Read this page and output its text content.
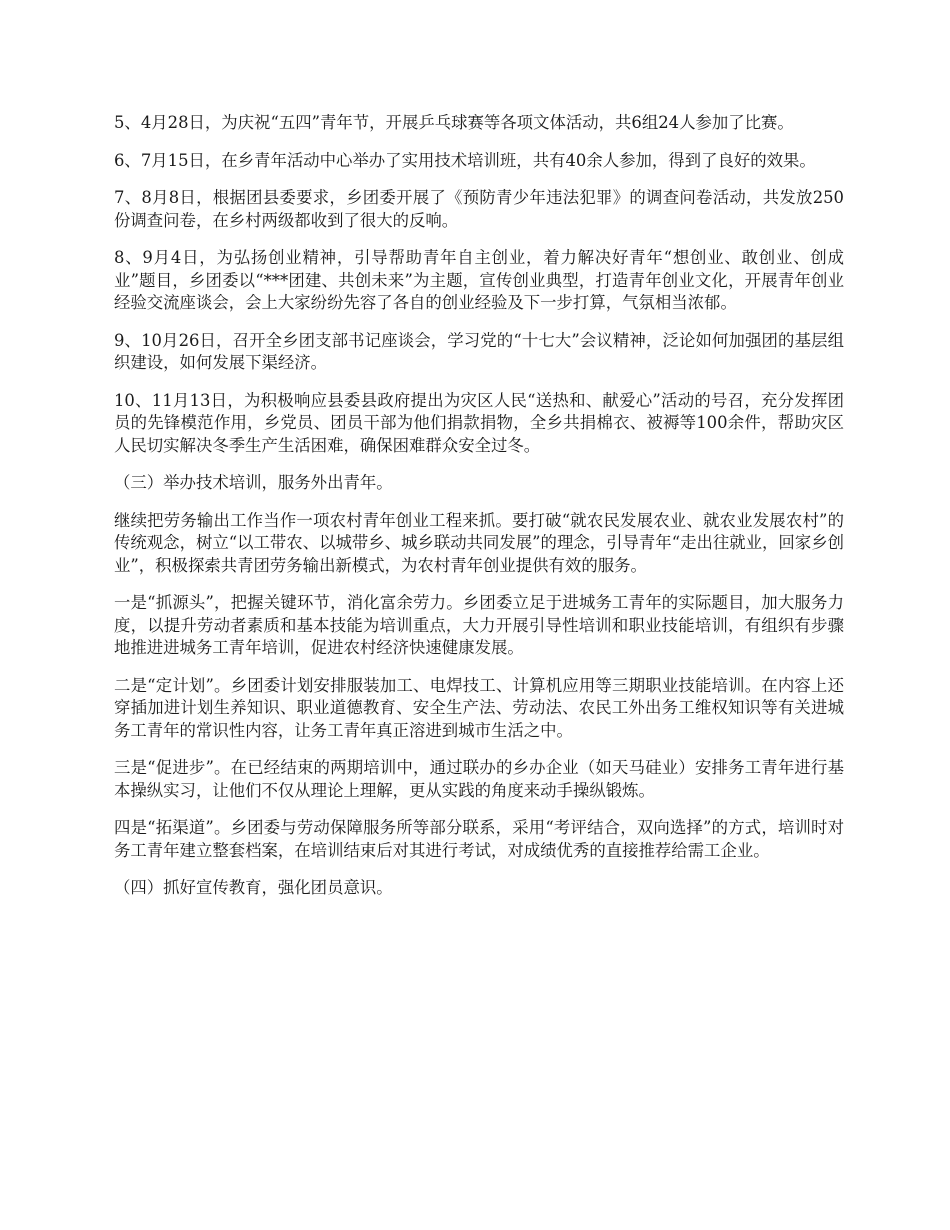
5、4月28日，为庆祝“五四”青年节，开展乒乓球赛等各项文体活动，共6组24人参加了比赛。

6、7月15日，在乡青年活动中心举办了实用技术培训班，共有40余人参加，得到了良好的效果。

7、8月8日，根据团县委要求，乡团委开展了《预防青少年违法犯罪》的调查问卷活动，共发放250份调查问卷，在乡村两级都收到了很大的反响。

8、9月4日，为弘扬创业精神，引导帮助青年自主创业，着力解决好青年“想创业、敢创业、创成业”题目，乡团委以“***团建、共创未来”为主题，宣传创业典型，打造青年创业文化，开展青年创业经验交流座谈会，会上大家纷纷先容了各自的创业经验及下一步打算，气氛相当浓郁。

9、10月26日，召开全乡团支部书记座谈会，学习党的“十七大”会议精神，泛论如何加强团的基层组织建设，如何发展下渠经济。

10、11月13日，为积极响应县委县政府提出为灾区人民“送热和、献爱心”活动的号召，充分发挥团员的先锋模范作用，乡党员、团员干部为他们捐款捐物，全乡共捐棉衣、被褥等100余件，帮助灾区人民切实解决冬季生产生活困难，确保困难群众安全过冬。

（三）举办技术培训，服务外出青年。

继续把劳务输出工作当作一项农村青年创业工程来抓。要打破“就农民发展农业、就农业发展农村”的传统观念，树立“以工带农、以城带乡、城乡联动共同发展”的理念，引导青年“走出往就业，回家乡创业”，积极探索共青团劳务输出新模式，为农村青年创业提供有效的服务。

一是“抓源头”，把握关键环节，消化富余劳力。乡团委立足于进城务工青年的实际题目，加大服务力度，以提升劳动者素质和基本技能为培训重点，大力开展引导性培训和职业技能培训，有组织有步骤地推进进城务工青年培训，促进农村经济快速健康发展。

二是“定计划”。乡团委计划安排服装加工、电焊技工、计算机应用等三期职业技能培训。在内容上还穿插加进计划生养知识、职业道德教育、安全生产法、劳动法、农民工外出务工维权知识等有关进城务工青年的常识性内容，让务工青年真正溶进到城市生活之中。

三是“促进步”。在已经结束的两期培训中，通过联办的乡办企业（如天马硅业）安排务工青年进行基本操纵实习，让他们不仅从理论上理解，更从实践的角度来动手操纵锻炼。

四是“拓渠道”。乡团委与劳动保障服务所等部分联系，采用“考评结合，双向选择”的方式，培训时对务工青年建立整套档案，在培训结束后对其进行考试，对成绩优秀的直接推荐给需工企业。

（四）抓好宣传教育，强化团员意识。
